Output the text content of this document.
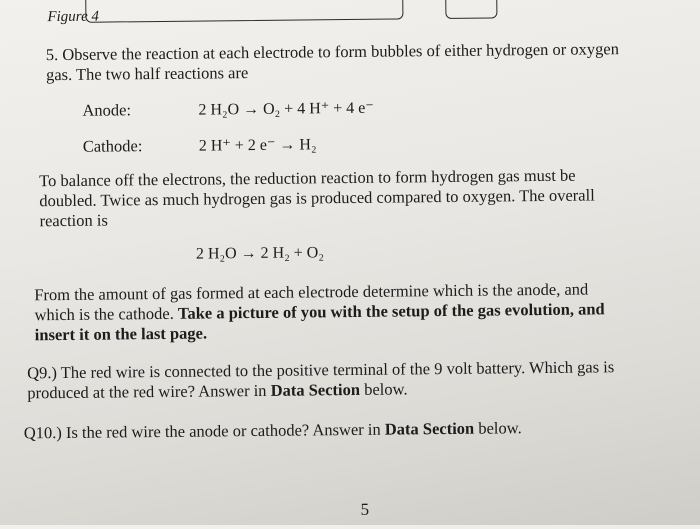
Figure 4
5. Observe the reaction at each electrode to form bubbles of either hydrogen or oxygen
gas. The two half reactions are
Anode:	2 H₂O → O₂ + 4 H⁺ + 4 e⁻
Cathode:	2 H⁺ + 2 e⁻ → H₂
To balance off the electrons, the reduction reaction to form hydrogen gas must be
doubled. Twice as much hydrogen gas is produced compared to oxygen. The overall
reaction is
2 H₂O → 2 H₂ + O₂
From the amount of gas formed at each electrode determine which is the anode, and
which is the cathode. Take a picture of you with the setup of the gas evolution, and
insert it on the last page.
Q9.) The red wire is connected to the positive terminal of the 9 volt battery. Which gas is
produced at the red wire? Answer in Data Section below.
Q10.) Is the red wire the anode or cathode? Answer in Data Section below.
5
